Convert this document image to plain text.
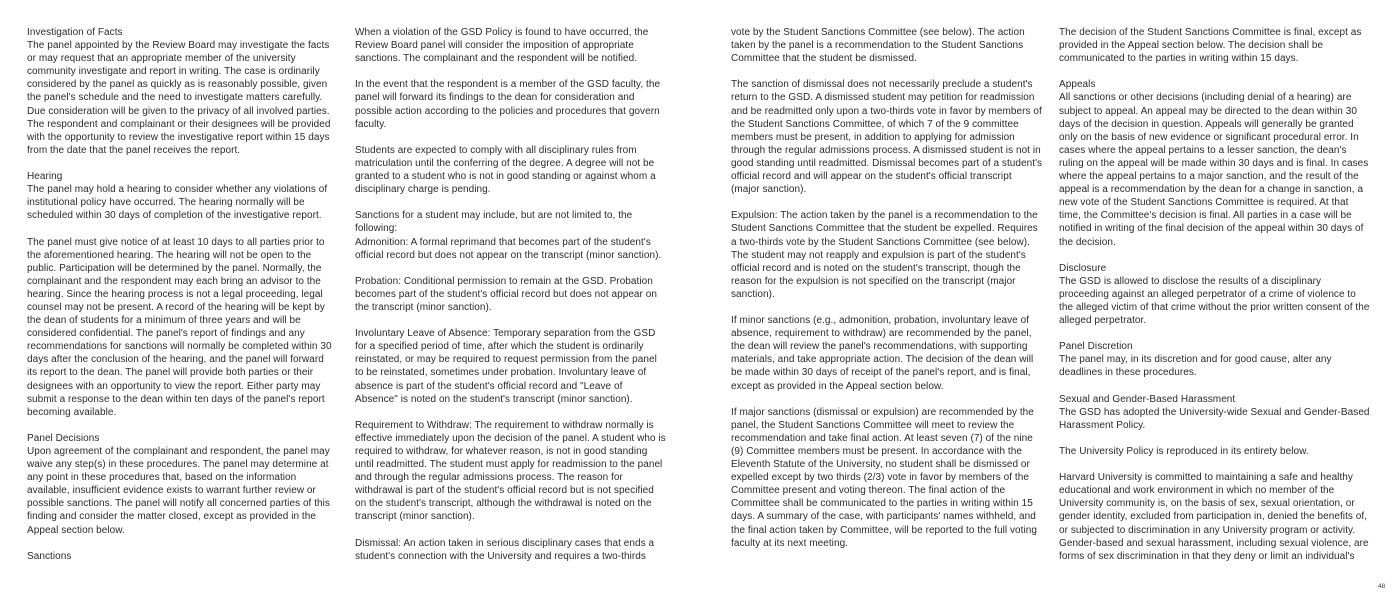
Investigation of Facts
The panel appointed by the Review Board may investigate the facts or may request that an appropriate member of the university community investigate and report in writing. The case is ordinarily considered by the panel as quickly as is reasonably possible, given the panel's schedule and the need to investigate matters carefully. Due consideration will be given to the privacy of all involved parties. The respondent and complainant or their designees will be provided with the opportunity to review the investigative report within 15 days from the date that the panel receives the report.
Hearing
The panel may hold a hearing to consider whether any violations of institutional policy have occurred. The hearing normally will be scheduled within 30 days of completion of the investigative report.
The panel must give notice of at least 10 days to all parties prior to the aforementioned hearing. The hearing will not be open to the public. Participation will be determined by the panel. Normally, the complainant and the respondent may each bring an advisor to the hearing. Since the hearing process is not a legal proceeding, legal counsel may not be present. A record of the hearing will be kept by the dean of students for a minimum of three years and will be considered confidential. The panel's report of findings and any recommendations for sanctions will normally be completed within 30 days after the conclusion of the hearing, and the panel will forward its report to the dean. The panel will provide both parties or their designees with an opportunity to view the report. Either party may submit a response to the dean within ten days of the panel's report becoming available.
Panel Decisions
Upon agreement of the complainant and respondent, the panel may waive any step(s) in these procedures. The panel may determine at any point in these procedures that, based on the information available, insufficient evidence exists to warrant further review or possible sanctions. The panel will notify all concerned parties of this finding and consider the matter closed, except as provided in the Appeal section below.
Sanctions
When a violation of the GSD Policy is found to have occurred, the Review Board panel will consider the imposition of appropriate sanctions. The complainant and the respondent will be notified.
In the event that the respondent is a member of the GSD faculty, the panel will forward its findings to the dean for consideration and possible action according to the policies and procedures that govern faculty.
Students are expected to comply with all disciplinary rules from matriculation until the conferring of the degree. A degree will not be granted to a student who is not in good standing or against whom a disciplinary charge is pending.
Sanctions for a student may include, but are not limited to, the following:
Admonition: A formal reprimand that becomes part of the student's official record but does not appear on the transcript (minor sanction).
Probation: Conditional permission to remain at the GSD. Probation becomes part of the student's official record but does not appear on the transcript (minor sanction).
Involuntary Leave of Absence: Temporary separation from the GSD for a specified period of time, after which the student is ordinarily reinstated, or may be required to request permission from the panel to be reinstated, sometimes under probation. Involuntary leave of absence is part of the student's official record and "Leave of Absence" is noted on the student's transcript (minor sanction).
Requirement to Withdraw: The requirement to withdraw normally is effective immediately upon the decision of the panel. A student who is required to withdraw, for whatever reason, is not in good standing until readmitted. The student must apply for readmission to the panel and through the regular admissions process. The reason for withdrawal is part of the student's official record but is not specified on the student's transcript, although the withdrawal is noted on the transcript (minor sanction).
Dismissal: An action taken in serious disciplinary cases that ends a student's connection with the University and requires a two-thirds
vote by the Student Sanctions Committee (see below). The action taken by the panel is a recommendation to the Student Sanctions Committee that the student be dismissed.
The sanction of dismissal does not necessarily preclude a student's return to the GSD. A dismissed student may petition for readmission and be readmitted only upon a two-thirds vote in favor by members of the Student Sanctions Committee, of which 7 of the 9 committee members must be present, in addition to applying for admission through the regular admissions process. A dismissed student is not in good standing until readmitted. Dismissal becomes part of a student's official record and will appear on the student's official transcript (major sanction).
Expulsion: The action taken by the panel is a recommendation to the Student Sanctions Committee that the student be expelled. Requires a two-thirds vote by the Student Sanctions Committee (see below). The student may not reapply and expulsion is part of the student's official record and is noted on the student's transcript, though the reason for the expulsion is not specified on the transcript (major sanction).
If minor sanctions (e.g., admonition, probation, involuntary leave of absence, requirement to withdraw) are recommended by the panel, the dean will review the panel's recommendations, with supporting materials, and take appropriate action. The decision of the dean will be made within 30 days of receipt of the panel's report, and is final, except as provided in the Appeal section below.
If major sanctions (dismissal or expulsion) are recommended by the panel, the Student Sanctions Committee will meet to review the recommendation and take final action. At least seven (7) of the nine (9) Committee members must be present. In accordance with the Eleventh Statute of the University, no student shall be dismissed or expelled except by two thirds (2/3) vote in favor by members of the Committee present and voting thereon. The final action of the Committee shall be communicated to the parties in writing within 15 days. A summary of the case, with participants' names withheld, and the final action taken by Committee, will be reported to the full voting faculty at its next meeting.
The decision of the Student Sanctions Committee is final, except as provided in the Appeal section below. The decision shall be communicated to the parties in writing within 15 days.
Appeals
All sanctions or other decisions (including denial of a hearing) are subject to appeal. An appeal may be directed to the dean within 30 days of the decision in question. Appeals will generally be granted only on the basis of new evidence or significant procedural error. In cases where the appeal pertains to a lesser sanction, the dean's ruling on the appeal will be made within 30 days and is final. In cases where the appeal pertains to a major sanction, and the result of the appeal is a recommendation by the dean for a change in sanction, a new vote of the Student Sanctions Committee is required. At that time, the Committee's decision is final. All parties in a case will be notified in writing of the final decision of the appeal within 30 days of the decision.
Disclosure
The GSD is allowed to disclose the results of a disciplinary proceeding against an alleged perpetrator of a crime of violence to the alleged victim of that crime without the prior written consent of the alleged perpetrator.
Panel Discretion
The panel may, in its discretion and for good cause, alter any deadlines in these procedures.
Sexual and Gender-Based Harassment
The GSD has adopted the University-wide Sexual and Gender-Based Harassment Policy.
The University Policy is reproduced in its entirety below.
Harvard University is committed to maintaining a safe and healthy educational and work environment in which no member of the University community is, on the basis of sex, sexual orientation, or gender identity, excluded from participation in, denied the benefits of, or subjected to discrimination in any University program or activity. Gender-based and sexual harassment, including sexual violence, are forms of sex discrimination in that they deny or limit an individual's
48
